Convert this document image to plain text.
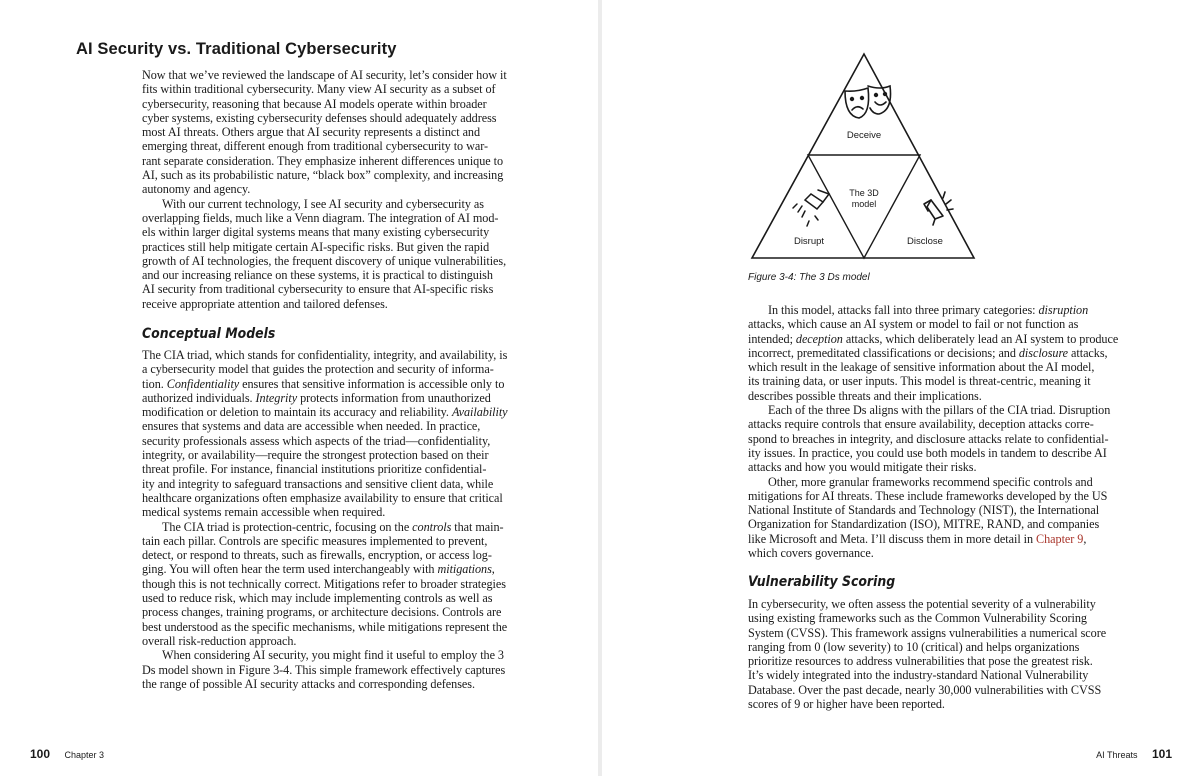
AI Security vs. Traditional Cybersecurity

Now that we’ve reviewed the landscape of AI security, let’s consider how it
fits within traditional cybersecurity. Many view AI security as a subset of
cybersecurity, reasoning that because AI models operate within broader
cyber systems, existing cybersecurity defenses should adequately address
most AI threats. Others argue that AI security represents a distinct and
emerging threat, different enough from traditional cybersecurity to war-
rant separate consideration. They emphasize inherent differences unique to
AI, such as its probabilistic nature, “black box” complexity, and increasing
autonomy and agency.

With our current technology, I see AI security and cybersecurity as
overlapping fields, much like a Venn diagram. The integration of AI mod-
els within larger digital systems means that many existing cybersecurity
practices still help mitigate certain AI-specific risks. But given the rapid
growth of AI technologies, the frequent discovery of unique vulnerabilities,
and our increasing reliance on these systems, it is practical to distinguish
AI security from traditional cybersecurity to ensure that AI-specific risks
receive appropriate attention and tailored defenses.

Conceptual Models

The CIA triad, which stands for confidentiality, integrity, and availability, is
a cybersecurity model that guides the protection and security of informa-
tion. Confidentiality ensures that sensitive information is accessible only to
authorized individuals. Integrity protects information from unauthorized
modification or deletion to maintain its accuracy and reliability. Availability
ensures that systems and data are accessible when needed. In practice,
security professionals assess which aspects of the triad—confidentiality,
integrity, or availability—require the strongest protection based on their
threat profile. For instance, financial institutions prioritize confidential-
ity and integrity to safeguard transactions and sensitive client data, while
healthcare organizations often emphasize availability to ensure that critical
medical systems remain accessible when required.

The CIA triad is protection-centric, focusing on the controls that main-
tain each pillar. Controls are specific measures implemented to prevent,
detect, or respond to threats, such as firewalls, encryption, or access log-
ging. You will often hear the term used interchangeably with mitigations,
though this is not technically correct. Mitigations refer to broader strategies
used to reduce risk, which may include implementing controls as well as
process changes, training programs, or architecture decisions. Controls are
best understood as the specific mechanisms, while mitigations represent the
overall risk-reduction approach.

When considering AI security, you might find it useful to employ the 3
Ds model shown in Figure 3-4. This simple framework effectively captures
the range of possible AI security attacks and corresponding defenses.

100 Chapter 3
Deceive
The 3D
model
Disrupt	Disclose
Figure 3-4: The 3 Ds model

In this model, attacks fall into three primary categories: disruption
attacks, which cause an AI system or model to fail or not function as
intended; deception attacks, which deliberately lead an AI system to produce
incorrect, premeditated classifications or decisions; and disclosure attacks,
which result in the leakage of sensitive information about the AI model,
its training data, or user inputs. This model is threat-centric, meaning it
describes possible threats and their implications.

Each of the three Ds aligns with the pillars of the CIA triad. Disruption
attacks require controls that ensure availability, deception attacks corre-
spond to breaches in integrity, and disclosure attacks relate to confidential-
ity issues. In practice, you could use both models in tandem to describe AI
attacks and how you would mitigate their risks.

Other, more granular frameworks recommend specific controls and
mitigations for AI threats. These include frameworks developed by the US
National Institute of Standards and Technology (NIST), the International
Organization for Standardization (ISO), MITRE, RAND, and companies
like Microsoft and Meta. I’ll discuss them in more detail in Chapter 9,
which covers governance.

Vulnerability Scoring

In cybersecurity, we often assess the potential severity of a vulnerability
using existing frameworks such as the Common Vulnerability Scoring
System (CVSS). This framework assigns vulnerabilities a numerical score
ranging from 0 (low severity) to 10 (critical) and helps organizations
prioritize resources to address vulnerabilities that pose the greatest risk.
It’s widely integrated into the industry-standard National Vulnerability
Database. Over the past decade, nearly 30,000 vulnerabilities with CVSS
scores of 9 or higher have been reported.

AI Threats 101
